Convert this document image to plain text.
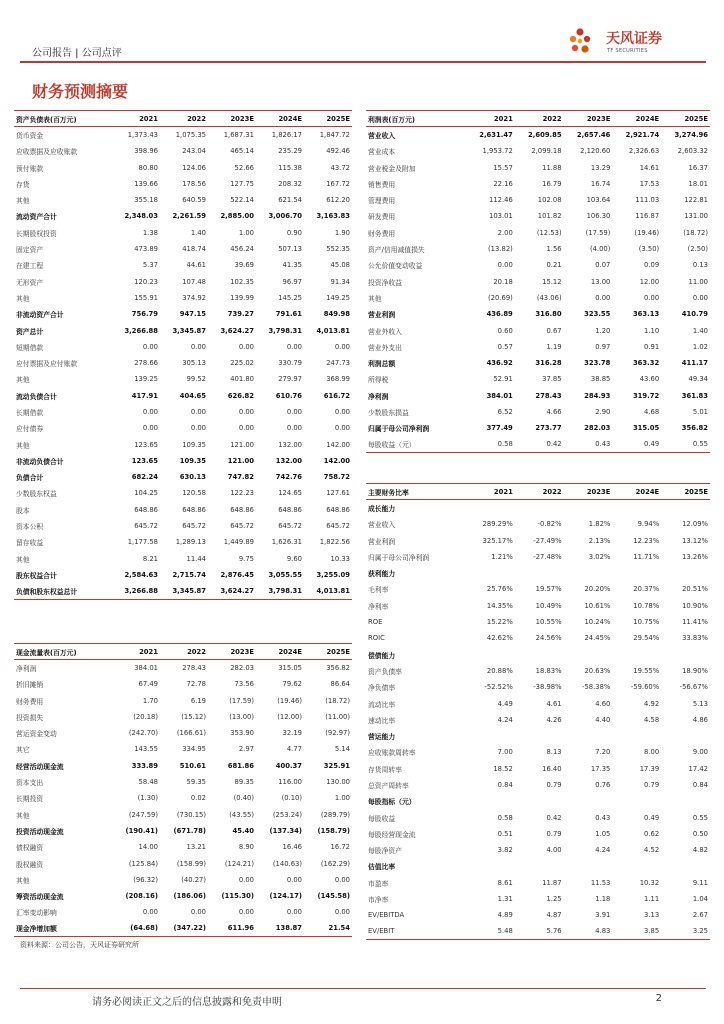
公司报告 | 公司点评
天风证券
TF SECURITIES
财务预测摘要
资产负债表(百万元)	2021	2022	2023E	2024E	2025E
货币资金	1,373.43	1,075.35	1,687.31	1,826.17	1,847.72
应收票据及应收账款	398.96	243.04	465.14	235.29	492.46
预付账款	80.80	124.06	52.66	115.38	43.72
存货	139.66	178.56	127.75	208.32	167.72
其他	355.18	640.59	522.14	621.54	612.20
流动资产合计	2,348.03	2,261.59	2,885.00	3,006.70	3,163.83
长期股权投资	1.38	1.40	1.00	0.90	1.90
固定资产	473.89	418.74	456.24	507.13	552.35
在建工程	5.37	44.61	39.69	41.35	45.08
无形资产	120.23	107.48	102.35	96.97	91.34
其他	155.91	374.92	139.99	145.25	149.25
非流动资产合计	756.79	947.15	739.27	791.61	849.98
资产总计	3,266.88	3,345.87	3,624.27	3,798.31	4,013.81
短期借款	0.00	0.00	0.00	0.00	0.00
应付票据及应付账款	278.66	305.13	225.02	330.79	247.73
其他	139.25	99.52	401.80	279.97	368.99
流动负债合计	417.91	404.65	626.82	610.76	616.72
长期借款	0.00	0.00	0.00	0.00	0.00
应付债券	0.00	0.00	0.00	0.00	0.00
其他	123.65	109.35	121.00	132.00	142.00
非流动负债合计	123.65	109.35	121.00	132.00	142.00
负债合计	682.24	630.13	747.82	742.76	758.72
少数股东权益	104.25	120.58	122.23	124.65	127.61
股本	648.86	648.86	648.86	648.86	648.86
资本公积	645.72	645.72	645.72	645.72	645.72
留存收益	1,177.58	1,289.13	1,449.89	1,626.31	1,822.56
其他	8.21	11.44	9.75	9.60	10.33
股东权益合计	2,584.63	2,715.74	2,876.45	3,055.55	3,255.09
负债和股东权益总计	3,266.88	3,345.87	3,624.27	3,798.31	4,013.81
利润表(百万元)	2021	2022	2023E	2024E	2025E
营业收入	2,631.47	2,609.85	2,657.46	2,921.74	3,274.96
营业成本	1,953.72	2,099.18	2,120.60	2,326.63	2,603.32
营业税金及附加	15.57	11.88	13.29	14.61	16.37
销售费用	22.16	16.79	16.74	17.53	18.01
管理费用	112.46	102.08	103.64	111.03	122.81
研发费用	103.01	101.82	106.30	116.87	131.00
财务费用	2.00	(12.53)	(17.59)	(19.46)	(18.72)
资产/信用减值损失	(13.82)	1.56	(4.00)	(3.50)	(2.50)
公允价值变动收益	0.00	0.21	0.07	0.09	0.13
投资净收益	20.18	15.12	13.00	12.00	11.00
其他	(20.69)	(43.06)	0.00	0.00	0.00
营业利润	436.89	316.80	323.55	363.13	410.79
营业外收入	0.60	0.67	1.20	1.10	1.40
营业外支出	0.57	1.19	0.97	0.91	1.02
利润总额	436.92	316.28	323.78	363.32	411.17
所得税	52.91	37.85	38.85	43.60	49.34
净利润	384.01	278.43	284.93	319.72	361.83
少数股东损益	6.52	4.66	2.90	4.68	5.01
归属于母公司净利润	377.49	273.77	282.03	315.05	356.82
每股收益（元）	0.58	0.42	0.43	0.49	0.55
现金流量表(百万元)	2021	2022	2023E	2024E	2025E
净利润	384.01	278.43	282.03	315.05	356.82
折旧摊销	67.49	72.78	73.56	79.62	86.64
财务费用	1.70	6.19	(17.59)	(19.46)	(18.72)
投资损失	(20.18)	(15.12)	(13.00)	(12.00)	(11.00)
营运资金变动	(242.70)	(166.61)	353.90	32.19	(92.97)
其它	143.55	334.95	2.97	4.77	5.14
经营活动现金流	333.89	510.61	681.86	400.37	325.91
资本支出	58.48	59.35	89.35	116.00	130.00
长期投资	(1.30)	0.02	(0.40)	(0.10)	1.00
其他	(247.59)	(730.15)	(43.55)	(253.24)	(289.79)
投资活动现金流	(190.41)	(671.78)	45.40	(137.34)	(158.79)
债权融资	14.00	13.21	8.90	16.46	16.72
股权融资	(125.84)	(158.99)	(124.21)	(140.63)	(162.29)
其他	(96.32)	(40.27)	0.00	0.00	0.00
筹资活动现金流	(208.16)	(186.06)	(115.30)	(124.17)	(145.58)
汇率变动影响	0.00	0.00	0.00	0.00	0.00
现金净增加额	(64.68)	(347.22)	611.96	138.87	21.54
主要财务比率	2021	2022	2023E	2024E	2025E
成长能力					
营业收入	289.29%	-0.82%	1.82%	9.94%	12.09%
营业利润	325.17%	-27.49%	2.13%	12.23%	13.12%
归属于母公司净利润	1.21%	-27.48%	3.02%	11.71%	13.26%
获利能力					
毛利率	25.76%	19.57%	20.20%	20.37%	20.51%
净利率	14.35%	10.49%	10.61%	10.78%	10.90%
ROE	15.22%	10.55%	10.24%	10.75%	11.41%
ROIC	42.62%	24.56%	24.45%	29.54%	33.83%
偿债能力					
资产负债率	20.88%	18.83%	20.63%	19.55%	18.90%
净负债率	-52.52%	-38.98%	-58.38%	-59.60%	-56.67%
流动比率	4.49	4.61	4.60	4.92	5.13
速动比率	4.24	4.26	4.40	4.58	4.86
营运能力					
应收账款周转率	7.00	8.13	7.20	8.00	9.00
存货周转率	18.52	16.40	17.35	17.39	17.42
总资产周转率	0.84	0.79	0.76	0.79	0.84
每股指标（元）					
每股收益	0.58	0.42	0.43	0.49	0.55
每股经营现金流	0.51	0.79	1.05	0.62	0.50
每股净资产	3.82	4.00	4.24	4.52	4.82
估值比率					
市盈率	8.61	11.87	11.53	10.32	9.11
市净率	1.31	1.25	1.18	1.11	1.04
EV/EBITDA	4.89	4.87	3.91	3.13	2.67
EV/EBIT	5.48	5.76	4.83	3.85	3.25
资料来源：公司公告，天风证券研究所
请务必阅读正文之后的信息披露和免责申明	2
